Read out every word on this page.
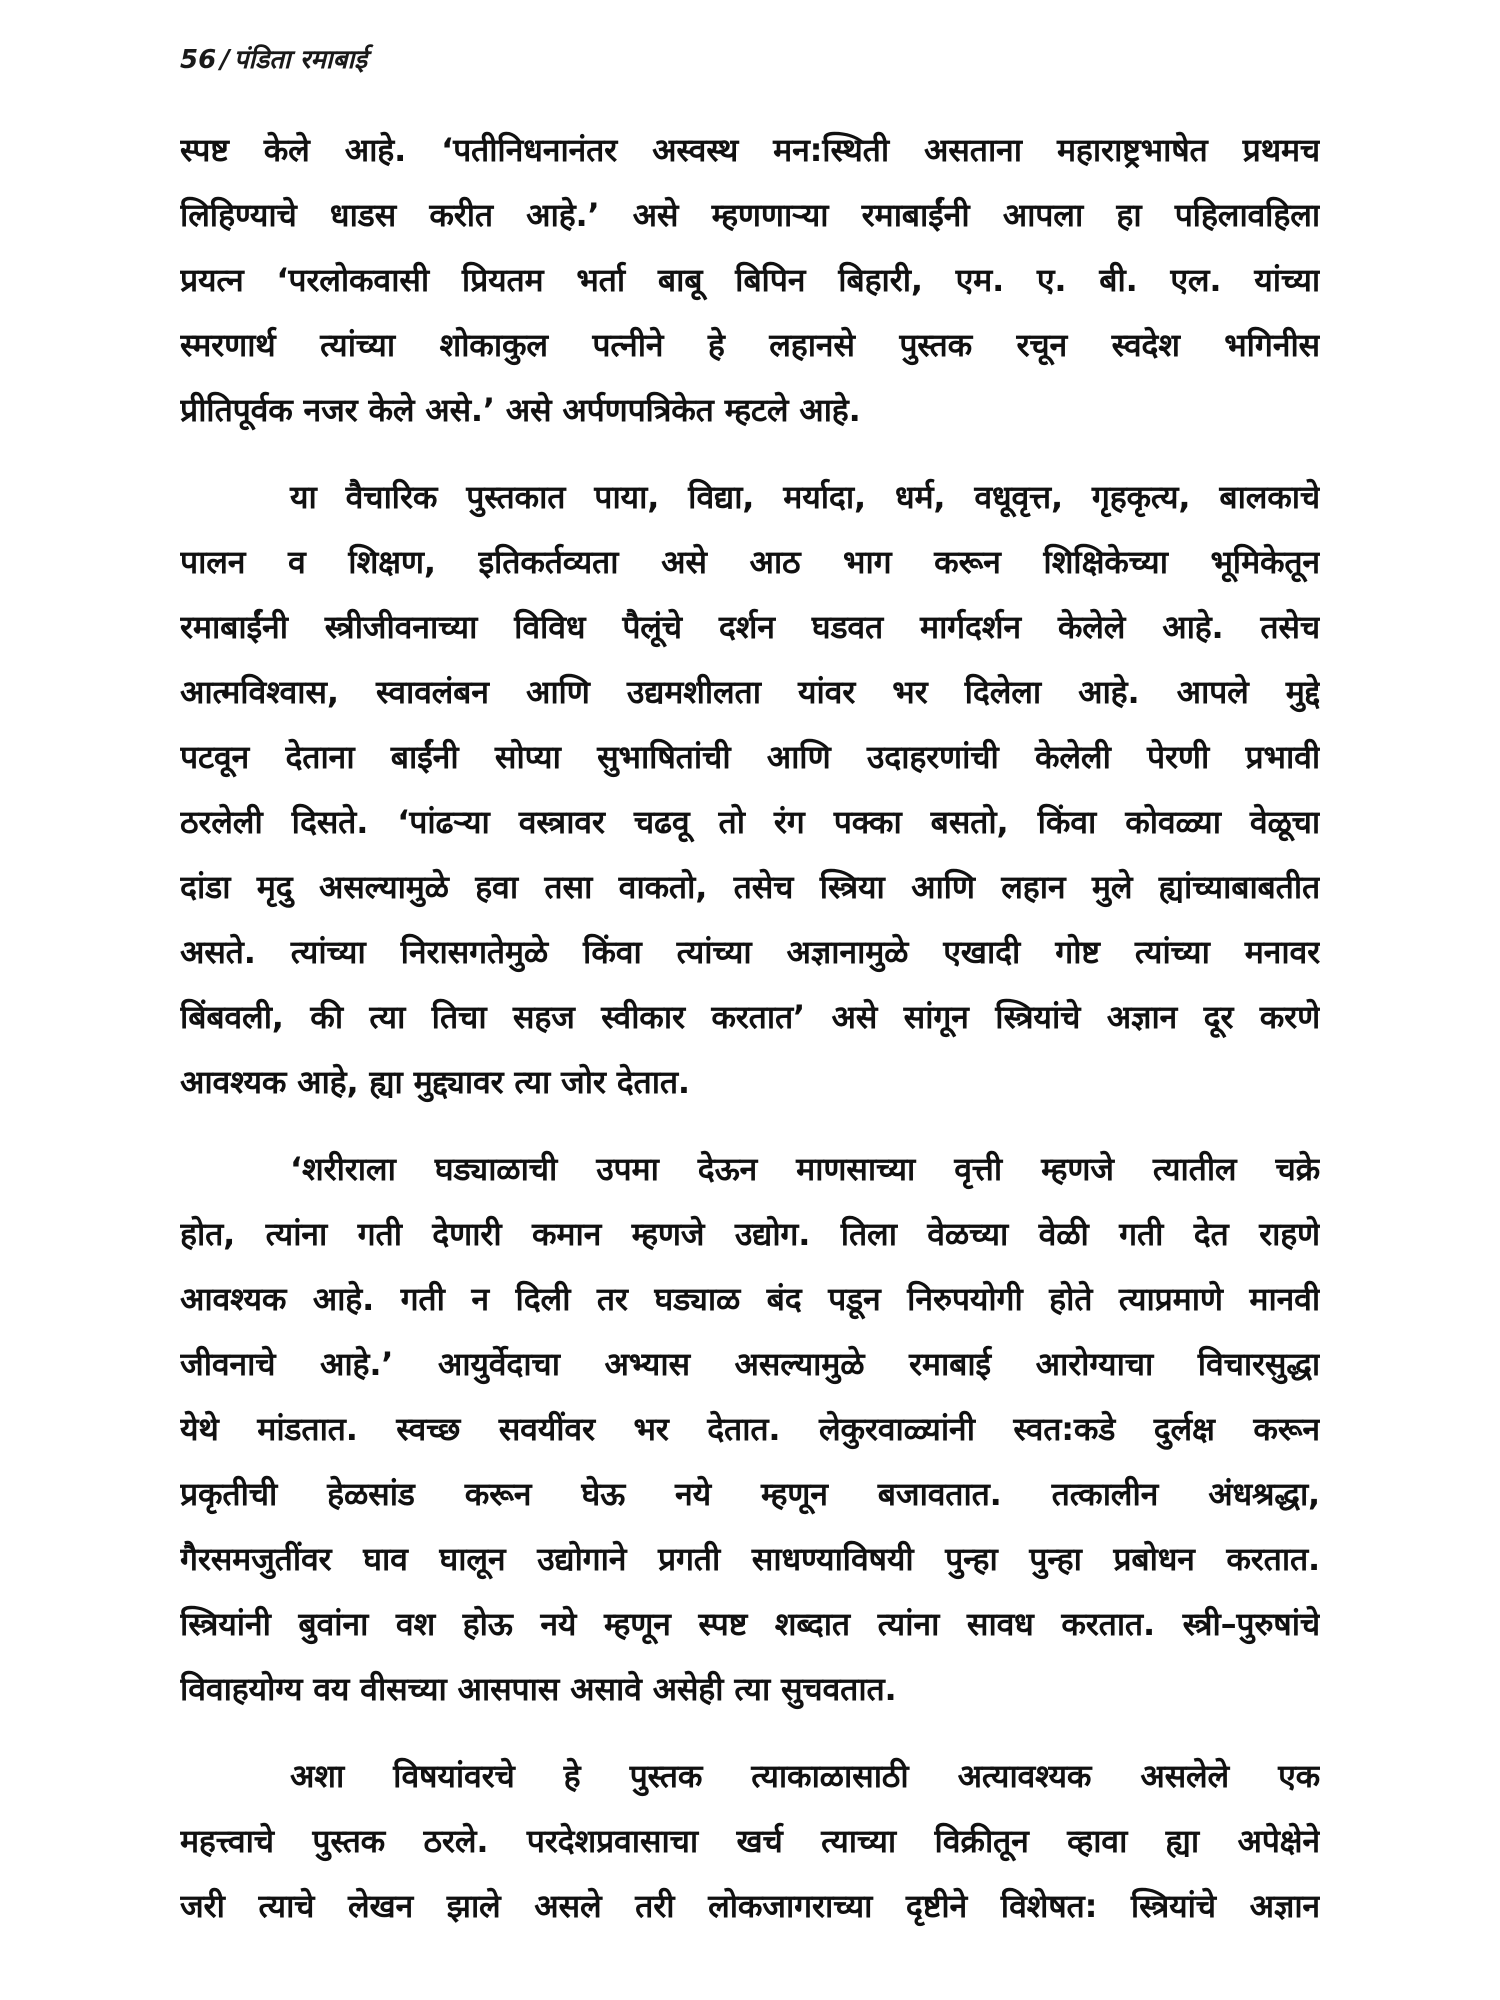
56 / पंडिता रमाबाई
स्पष्ट केले आहे. ‘पतीनिधनानंतर अस्वस्थ मन:स्थिती असताना महाराष्ट्रभाषेत प्रथमच
लिहिण्याचे धाडस करीत आहे.’ असे म्हणणाऱ्या रमाबाईंनी आपला हा पहिलावहिला
प्रयत्न ‘परलोकवासी प्रियतम भर्ता बाबू बिपिन बिहारी, एम. ए. बी. एल. यांच्या
स्मरणार्थ त्यांच्या शोकाकुल पत्नीने हे लहानसे पुस्तक रचून स्वदेश भगिनीस
प्रीतिपूर्वक नजर केले असे.’ असे अर्पणपत्रिकेत म्हटले आहे.
या वैचारिक पुस्तकात पाया, विद्या, मर्यादा, धर्म, वधूवृत्त, गृहकृत्य, बालकाचे
पालन व शिक्षण, इतिकर्तव्यता असे आठ भाग करून शिक्षिकेच्या भूमिकेतून
रमाबाईंनी स्त्रीजीवनाच्या विविध पैलूंचे दर्शन घडवत मार्गदर्शन केलेले आहे. तसेच
आत्मविश्वास, स्वावलंबन आणि उद्यमशीलता यांवर भर दिलेला आहे. आपले मुद्दे
पटवून देताना बाईंनी सोप्या सुभाषितांची आणि उदाहरणांची केलेली पेरणी प्रभावी
ठरलेली दिसते. ‘पांढऱ्या वस्त्रावर चढवू तो रंग पक्का बसतो, किंवा कोवळ्या वेळूचा
दांडा मृदु असल्यामुळे हवा तसा वाकतो, तसेच स्त्रिया आणि लहान मुले ह्यांच्याबाबतीत
असते. त्यांच्या निरासगतेमुळे किंवा त्यांच्या अज्ञानामुळे एखादी गोष्ट त्यांच्या मनावर
बिंबवली, की त्या तिचा सहज स्वीकार करतात’ असे सांगून स्त्रियांचे अज्ञान दूर करणे
आवश्यक आहे, ह्या मुद्द्यावर त्या जोर देतात.
‘शरीराला घड्याळाची उपमा देऊन माणसाच्या वृत्ती म्हणजे त्यातील चक्रे
होत, त्यांना गती देणारी कमान म्हणजे उद्योग. तिला वेळच्या वेळी गती देत राहणे
आवश्यक आहे. गती न दिली तर घड्याळ बंद पडून निरुपयोगी होते त्याप्रमाणे मानवी
जीवनाचे आहे.’ आयुर्वेदाचा अभ्यास असल्यामुळे रमाबाई आरोग्याचा विचारसुद्धा
येथे मांडतात. स्वच्छ सवयींवर भर देतात. लेकुरवाळ्यांनी स्वत:कडे दुर्लक्ष करून
प्रकृतीची हेळसांड करून घेऊ नये म्हणून बजावतात. तत्कालीन अंधश्रद्धा,
गैरसमजुतींवर घाव घालून उद्योगाने प्रगती साधण्याविषयी पुन्हा पुन्हा प्रबोधन करतात.
स्त्रियांनी बुवांना वश होऊ नये म्हणून स्पष्ट शब्दात त्यांना सावध करतात. स्त्री–पुरुषांचे
विवाहयोग्य वय वीसच्या आसपास असावे असेही त्या सुचवतात.
अशा विषयांवरचे हे पुस्तक त्याकाळासाठी अत्यावश्यक असलेले एक
महत्त्वाचे पुस्तक ठरले. परदेशप्रवासाचा खर्च त्याच्या विक्रीतून व्हावा ह्या अपेक्षेने
जरी त्याचे लेखन झाले असले तरी लोकजागराच्या दृष्टीने विशेषत: स्त्रियांचे अज्ञान
